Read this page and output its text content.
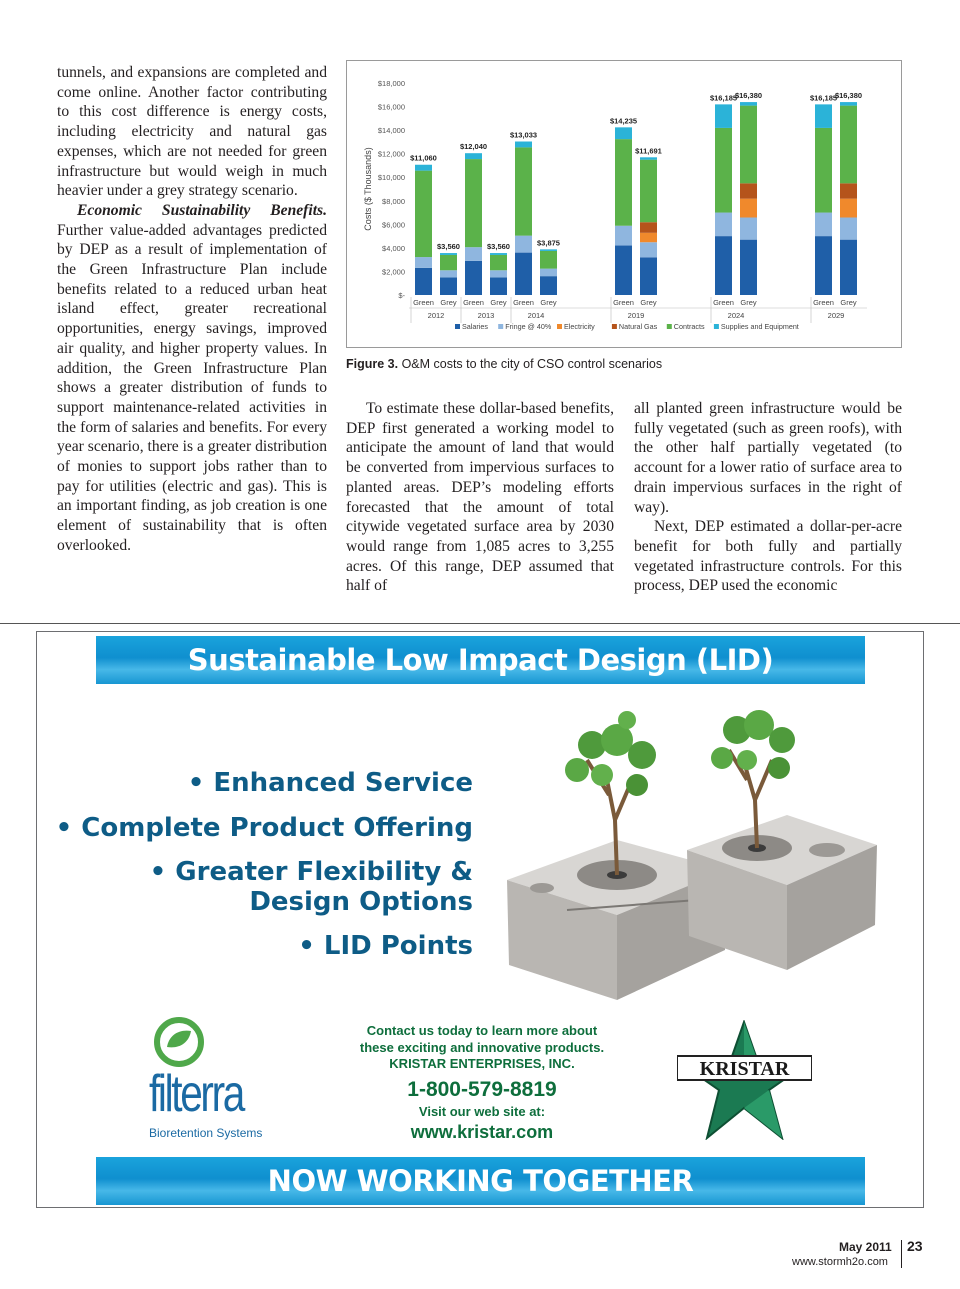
tunnels, and expansions are completed and come online. Another factor contributing to this cost difference is energy costs, including electricity and natural gas expenses, which are not needed for green infrastructure but would weigh in much heavier under a grey strategy scenario.

Economic Sustainability Benefits. Further value-added advantages predicted by DEP as a result of implementation of the Green Infrastructure Plan include benefits related to a reduced urban heat island effect, greater recreational opportunities, energy savings, improved air quality, and higher property values. In addition, the Green Infrastructure Plan shows a greater distribution of funds to support maintenance-related activities in the form of salaries and benefits. For every year scenario, there is a greater distribution of monies to support jobs rather than to pay for utilities (electric and gas). This is an important finding, as job creation is one element of sustainability that is often overlooked.

Costs ($ Thousands)
$18,000
$16,000
$14,000
$12,000
$10,000
$8,000
$6,000
$4,000
$2,000
$-
$11,060
Green
$3,560
Grey
$12,040
Green
$3,560
Grey
$13,033
Green
$3,875
Grey
$14,235
Green
$11,691
Grey
$16,185
Green
$16,380
Grey
$16,185
Green
$16,380
Grey
2012	2013	2014	2019	2024	2029
Salaries Fringe @ 40% Electricity	Natural Gas Contracts Supplies and Equipment
Figure 3. O&M costs to the city of CSO control scenarios

To estimate these dollar-based benefits, DEP first generated a working model to anticipate the amount of land that would be converted from impervious surfaces to planted areas. DEP’s modeling efforts forecasted that the amount of total citywide vegetated surface area by 2030 would range from 1,085 acres to 3,255 acres. Of this range, DEP assumed that half of

all planted green infrastructure would be fully vegetated (such as green roofs), with the other half partially vegetated (to account for a lower ratio of surface area to drain impervious surfaces in the right of way).

Next, DEP estimated a dollar-per-acre benefit for both fully and partially vegetated infrastructure controls. For this process, DEP used the economic

Sustainable Low Impact Design (LID)
• Enhanced Service
• Complete Product Offering
• Greater Flexibility &
Design Options
• LID Points
filterra
Bioretention Systems
Contact us today to learn more about
these exciting and innovative products.
KRISTAR ENTERPRISES, INC.
1-800-579-8819
Visit our web site at:
www.kristar.com
KRISTAR
NOW WORKING TOGETHER
May 2011 23
www.stormh2o.com
